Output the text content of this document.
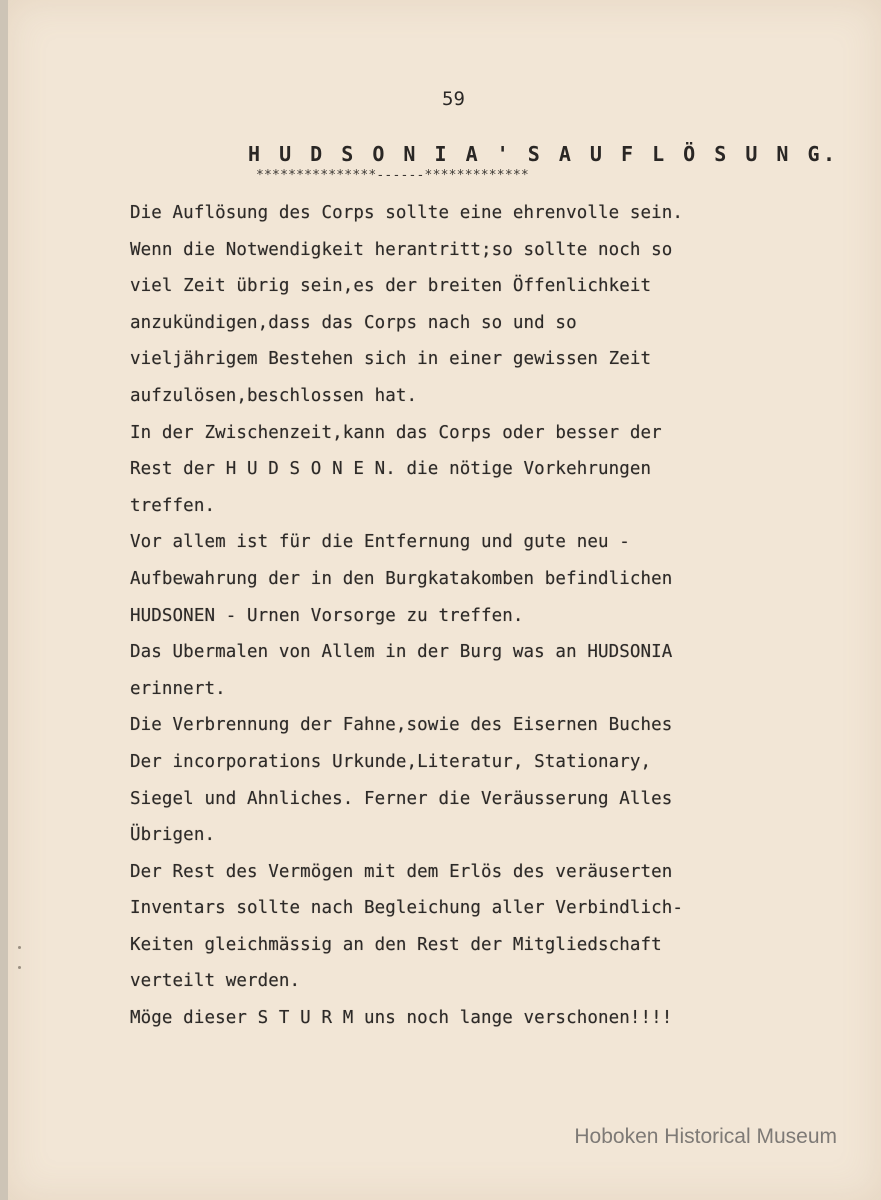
59
H U D S O N I A ' S A U F L Ö S U N G.
***************------*************
Die Auflösung des Corps sollte eine ehrenvolle sein.
Wenn die Notwendigkeit herantritt;so sollte noch so
viel Zeit übrig sein,es der breiten Öffenlichkeit
anzukündigen,dass das Corps nach so und so
vieljährigem Bestehen sich in einer gewissen Zeit
aufzulösen,beschlossen hat.
In der Zwischenzeit,kann das Corps oder besser der
Rest der H U D S O N E N. die nötige Vorkehrungen
treffen.
Vor allem ist für die Entfernung und gute neu -
Aufbewahrung der in den Burgkatakomben befindlichen
HUDSONEN - Urnen Vorsorge zu treffen.
Das Ubermalen von Allem in der Burg was an HUDSONIA
erinnert.
Die Verbrennung der Fahne,sowie des Eisernen Buches
Der incorporations Urkunde,Literatur, Stationary,
Siegel und Ahnliches. Ferner die Veräusserung Alles
Übrigen.
Der Rest des Vermögen mit dem Erlös des veräuserten
Inventars sollte nach Begleichung aller Verbindlich-
Keiten gleichmässig an den Rest der Mitgliedschaft
verteilt werden.
Möge dieser S T U R M uns noch lange verschonen!!!!
Hoboken Historical Museum
